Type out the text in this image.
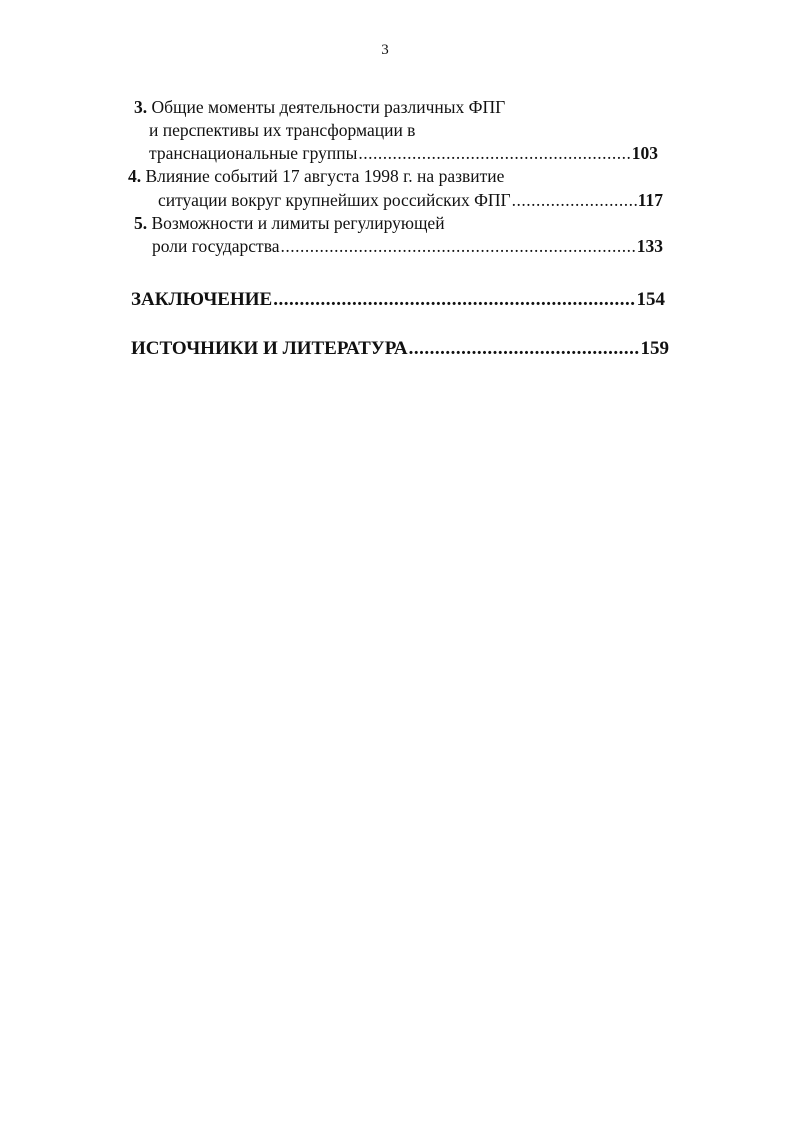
3
3. Общие моменты деятельности различных ФПГ
и перспективы их трансформации в
транснациональные группы .....	103
4. Влияние событий 17 августа 1998 г. на развитие
ситуации вокруг крупнейших российских ФПГ .....	117
5. Возможности и лимиты регулирующей
роли государства .....	133
ЗАКЛЮЧЕНИЕ .....	154
ИСТОЧНИКИ И ЛИТЕРАТУРА .....	159
